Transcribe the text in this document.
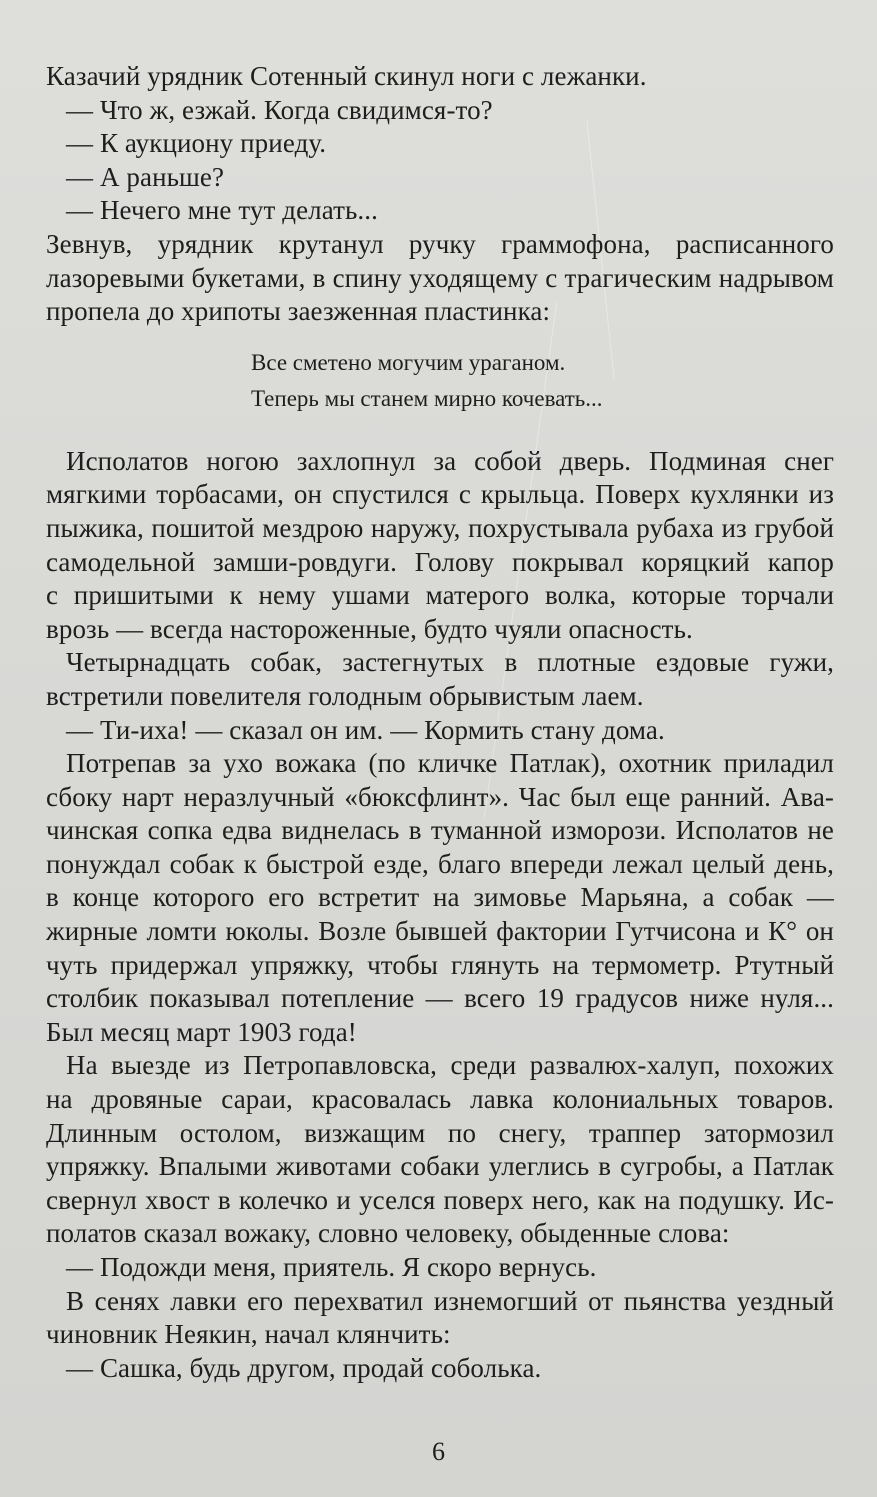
Казачий урядник Сотенный скинул ноги с лежанки.
— Что ж, езжай. Когда свидимся-то?
— К аукциону приеду.
— А раньше?
— Нечего мне тут делать...
Зевнув, урядник крутанул ручку граммофона, расписанного
лазоревыми букетами, в спину уходящему с трагическим надрывом
пропела до хрипоты заезженная пластинка:
Все сметено могучим ураганом.
Теперь мы станем мирно кочевать...
Исполатов ногою захлопнул за собой дверь. Подминая снег
мягкими торбасами, он спустился с крыльца. Поверх кухлянки из
пыжика, пошитой мездрою наружу, похрустывала рубаха из грубой
самодельной замши-ровдуги. Голову покрывал коряцкий капор
с пришитыми к нему ушами матерого волка, которые торчали
врозь — всегда настороженные, будто чуяли опасность.
Четырнадцать собак, застегнутых в плотные ездовые гужи,
встретили повелителя голодным обрывистым лаем.
— Ти-иха! — сказал он им. — Кормить стану дома.
Потрепав за ухо вожака (по кличке Патлак), охотник приладил
сбоку нарт неразлучный «бюксфлинт». Час был еще ранний. Ава-
чинская сопка едва виднелась в туманной изморози. Исполатов не
понуждал собак к быстрой езде, благо впереди лежал целый день,
в конце которого его встретит на зимовье Марьяна, а собак —
жирные ломти юколы. Возле бывшей фактории Гутчисона и К° он
чуть придержал упряжку, чтобы глянуть на термометр. Ртутный
столбик показывал потепление — всего 19 градусов ниже нуля...
Был месяц март 1903 года!
На выезде из Петропавловска, среди развалюх-халуп, похожих
на дровяные сараи, красовалась лавка колониальных товаров.
Длинным остолом, визжащим по снегу, траппер затормозил
упряжку. Впалыми животами собаки улеглись в сугробы, а Патлак
свернул хвост в колечко и уселся поверх него, как на подушку. Ис-
полатов сказал вожаку, словно человеку, обыденные слова:
— Подожди меня, приятель. Я скоро вернусь.
В сенях лавки его перехватил изнемогший от пьянства уездный
чиновник Неякин, начал клянчить:
— Сашка, будь другом, продай соболька.
6
